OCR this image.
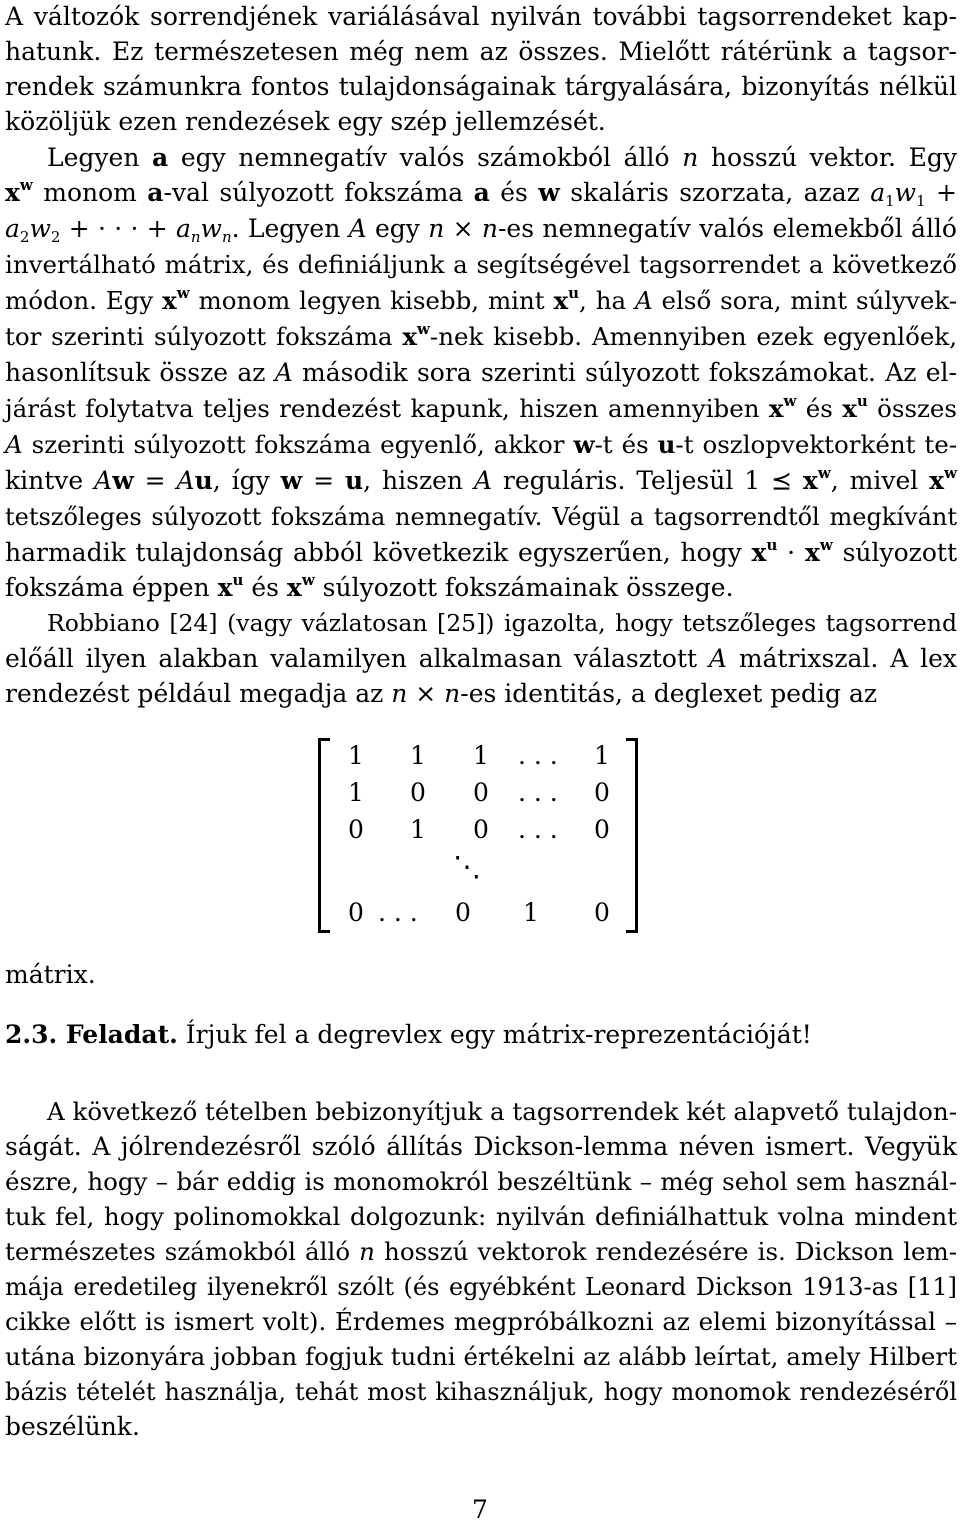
A változók sorrendjének variálásával nyilván további tagsorrendeket kap-
hatunk. Ez természetesen még nem az összes. Mielőtt rátérünk a tagsor-
rendek számunkra fontos tulajdonságainak tárgyalására, bizonyítás nélkül
közöljük ezen rendezések egy szép jellemzését.
Legyen a egy nemnegatív valós számokból álló n hosszú vektor. Egy
$x^w$ monom a-val súlyozott fokszáma a és w skaláris szorzata, azaz $a_1w_1$ +
$a_2w_2$ + · · · + $a_nw_n$. Legyen A egy n × n-es nemnegatív valós elemekből álló
invertálható mátrix, és definiáljunk a segítségével tagsorrendet a következő
módon. Egy $x^w$ monom legyen kisebb, mint $x^u$, ha A első sora, mint súlyvek-
tor szerinti súlyozott fokszáma $x^w$-nek kisebb. Amennyiben ezek egyenlőek,
hasonlítsuk össze az A második sora szerinti súlyozott fokszámokat. Az el-
járást folytatva teljes rendezést kapunk, hiszen amennyiben $x^w$ és $x^u$ összes
A szerinti súlyozott fokszáma egyenlő, akkor w-t és u-t oszlopvektorként te-
kintve Aw = Au, így w = u, hiszen A reguláris. Teljesül 1 ⪯ $x^w$, mivel $x^w$
tetszőleges súlyozott fokszáma nemnegatív. Végül a tagsorrendtől megkívánt
harmadik tulajdonság abból következik egyszerűen, hogy $x^u \cdot x^w$ súlyozott
fokszáma éppen $x^u$ és $x^w$ súlyozott fokszámainak összege.
Robbiano [24] (vagy vázlatosan [25]) igazolta, hogy tetszőleges tagsorrend
előáll ilyen alakban valamilyen alkalmasan választott A mátrixszal. A lex
rendezést például megadja az n × n-es identitás, a deglexet pedig az
1 1 1 . . . 1
1 0 0 . . . 0
0 1 0 . . . 0
⋱
0 . . . 0 1 0
mátrix.
2.3. Feladat. Írjuk fel a degrevlex egy mátrix-reprezentációját!
A következő tételben bebizonyítjuk a tagsorrendek két alapvető tulajdon-
ságát. A jólrendezésről szóló állítás Dickson-lemma néven ismert. Vegyük
észre, hogy – bár eddig is monomokról beszéltünk – még sehol sem használ-
tuk fel, hogy polinomokkal dolgozunk: nyilván definiálhattuk volna mindent
természetes számokból álló n hosszú vektorok rendezésére is. Dickson lem-
mája eredetileg ilyenekről szólt (és egyébként Leonard Dickson 1913-as [11]
cikke előtt is ismert volt). Érdemes megpróbálkozni az elemi bizonyítással –
utána bizonyára jobban fogjuk tudni értékelni az alább leírtat, amely Hilbert
bázis tételét használja, tehát most kihasználjuk, hogy monomok rendezéséről
beszélünk.
7
